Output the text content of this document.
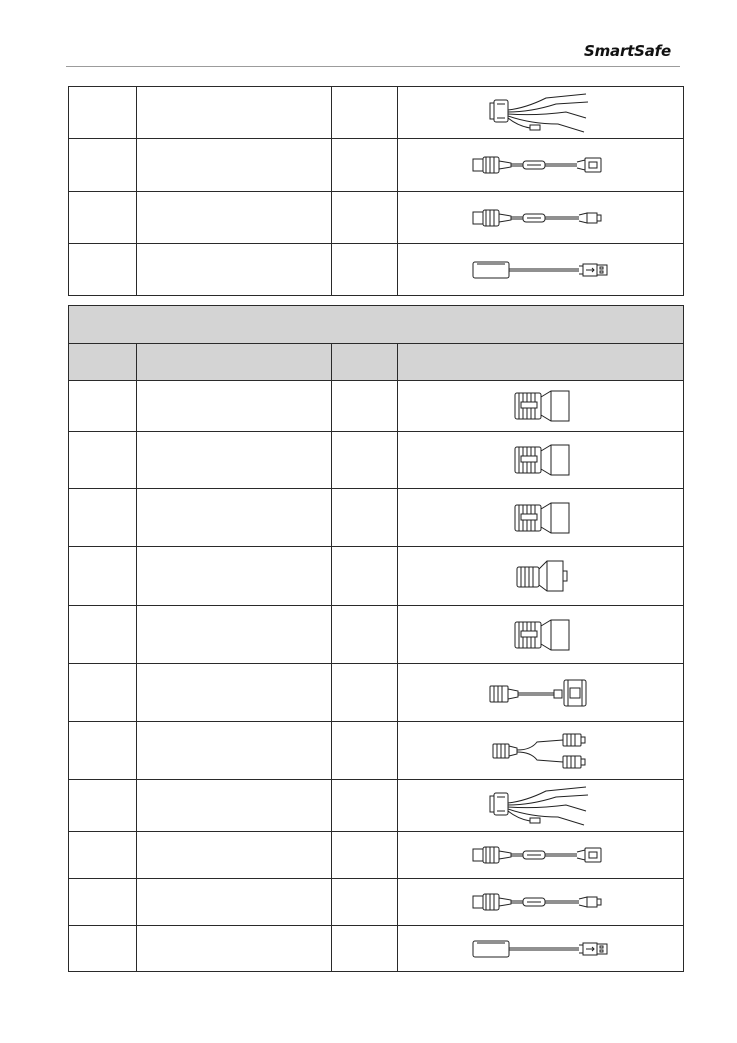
SmartSafe
